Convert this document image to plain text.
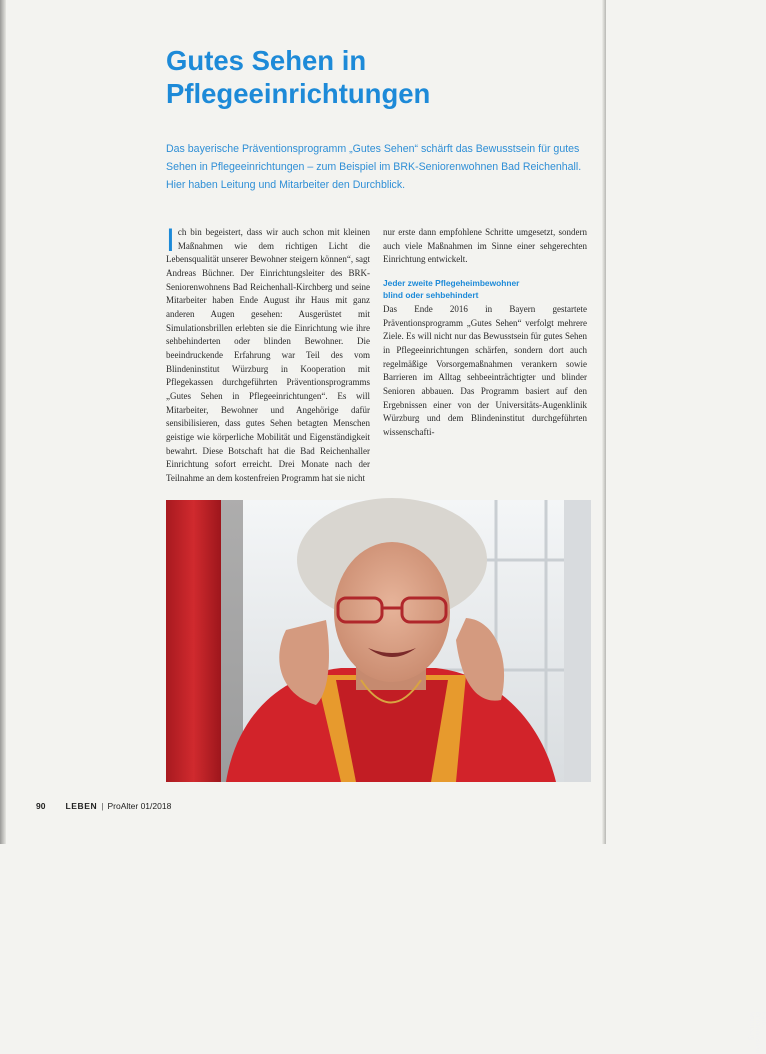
Gutes Sehen in
Pflegeeinrichtungen

Das bayerische Präventionsprogramm „Gutes Sehen“ schärft das Bewusstsein für gutes Sehen in Pflegeeinrichtungen – zum Beispiel im BRK-Seniorenwohnen Bad Reichenhall. Hier haben Leitung und Mitarbeiter den Durchblick.

I ch bin begeistert, dass wir auch schon mit kleinen Maßnahmen wie dem richtigen Licht die Lebensqualität unserer Bewohner steigern können“, sagt Andreas Büchner. Der Einrichtungsleiter des BRK-Seniorenwohnens Bad Reichenhall-Kirchberg und seine Mitarbeiter haben Ende August ihr Haus mit ganz anderen Augen gesehen: Ausgerüstet mit Simulationsbrillen erlebten sie die Einrichtung wie ihre sehbehinderten oder blinden Bewohner. Die beeindruckende Erfahrung war Teil des vom Blindeninstitut Würzburg in Kooperation mit Pflegekassen durchgeführten Präventionsprogramms „Gutes Sehen in Pflegeeinrichtungen“. Es will Mitarbeiter, Bewohner und Angehörige dafür sensibilisieren, dass gutes Sehen betagten Menschen geistige wie körperliche Mobilität und Eigenständigkeit bewahrt. Diese Botschaft hat die Bad Reichenhaller Einrichtung sofort erreicht. Drei Monate nach der Teilnahme an dem kostenfreien Programm hat sie nicht

nur erste dann empfohlene Schritte umgesetzt, sondern auch viele Maßnahmen im Sinne einer sehgerechten Einrichtung entwickelt.

Jeder zweite Pflegeheimbewohner
blind oder sehbehindert

Das Ende 2016 in Bayern gestartete Präventionsprogramm „Gutes Sehen“ verfolgt mehrere Ziele. Es will nicht nur das Bewusstsein für gutes Sehen in Pflegeeinrichtungen schärfen, sondern dort auch regelmäßige Vorsorgemaßnahmen verankern sowie Barrieren im Alltag sehbeeinträchtigter und blinder Senioren abbauen. Das Programm basiert auf den Ergebnissen einer von der Universitäts-Augenklinik Würzburg und dem Blindeninstitut durchgeführten wissenschafti-

Foto: Blindeninstitut Würzburg
90 LEBEN | ProAlter 01/2018
